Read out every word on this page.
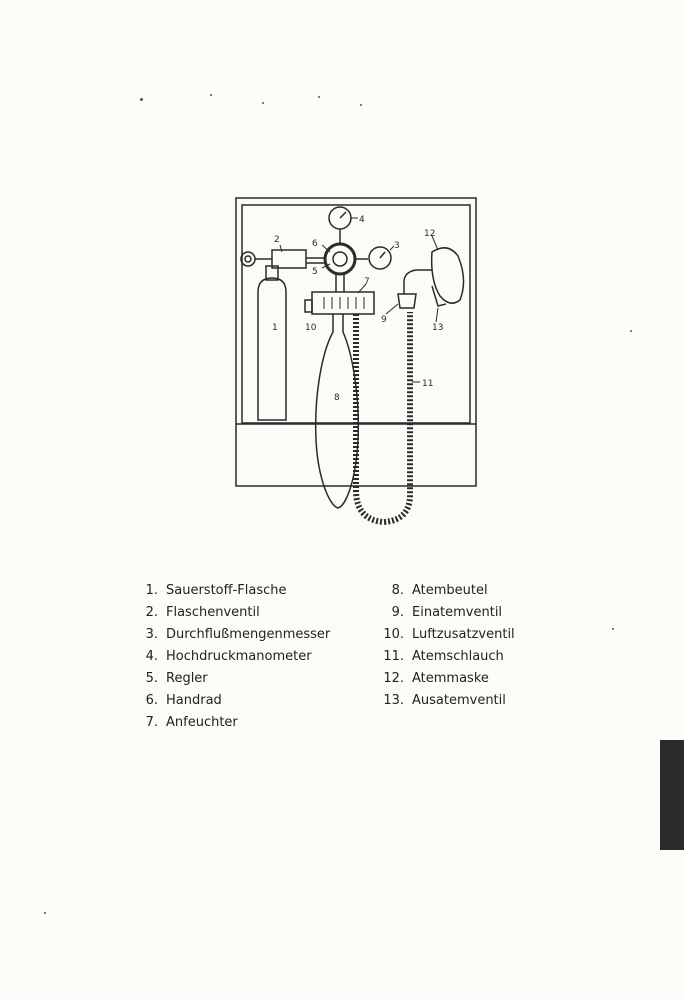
1
2
3
4
5
6
7
8
9
10
11
12
13
1. Sauerstoff-Flasche
2. Flaschenventil
3. Durchflußmengenmesser
4. Hochdruckmanometer
5. Regler
6. Handrad
7. Anfeuchter
8. Atembeutel
9. Einatemventil
10. Luftzusatzventil
11. Atemschlauch
12. Atemmaske
13. Ausatemventil
